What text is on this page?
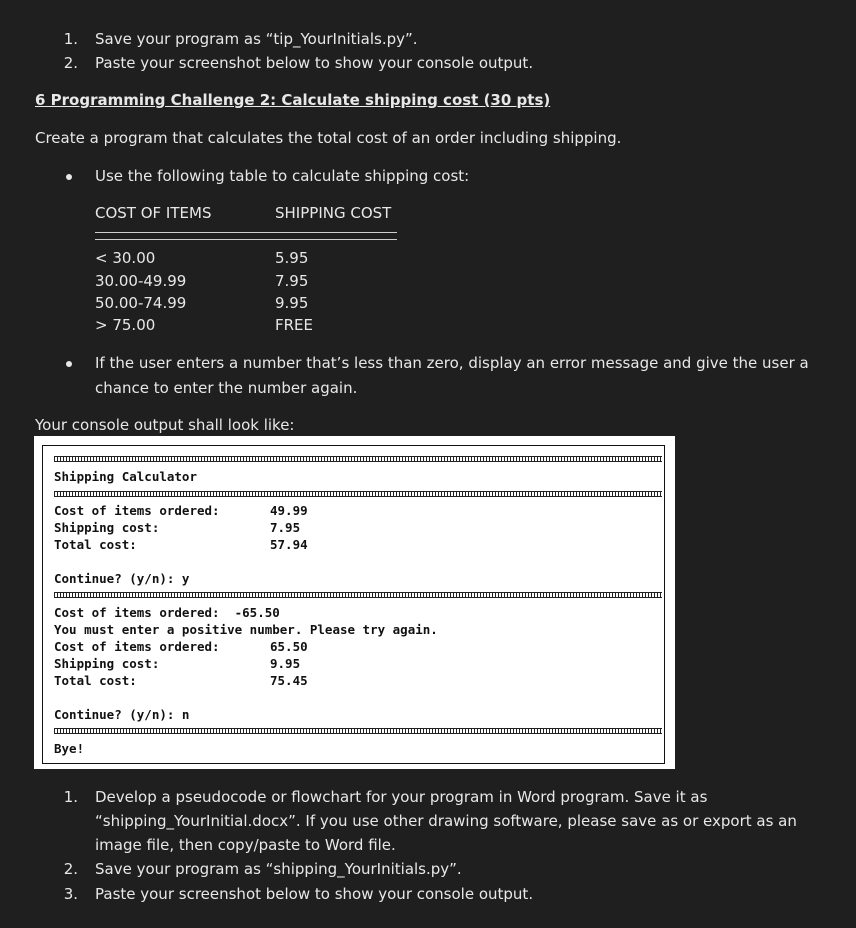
1. Save your program as “tip_YourInitials.py”.
2. Paste your screenshot below to show your console output.
6 Programming Challenge 2: Calculate shipping cost (30 pts)
Create a program that calculates the total cost of an order including shipping.
Use the following table to calculate shipping cost:
COST OF ITEMS	SHIPPING COST
< 30.00	5.95
30.00-49.99	7.95
50.00-74.99	9.95
> 75.00	FREE
If the user enters a number that’s less than zero, display an error message and give the user a
chance to enter the number again.
Your console output shall look like:
Shipping Calculator
Cost of items ordered:	49.99
Shipping cost:	7.95
Total cost:	57.94
Continue? (y/n): y
Cost of items ordered:  -65.50
You must enter a positive number. Please try again.
Cost of items ordered:	65.50
Shipping cost:	9.95
Total cost:	75.45
Continue? (y/n): n
Bye!
1. Develop a pseudocode or flowchart for your program in Word program. Save it as
“shipping_YourInitial.docx”. If you use other drawing software, please save as or export as an
image file, then copy/paste to Word file.
2. Save your program as “shipping_YourInitials.py”.
3. Paste your screenshot below to show your console output.
